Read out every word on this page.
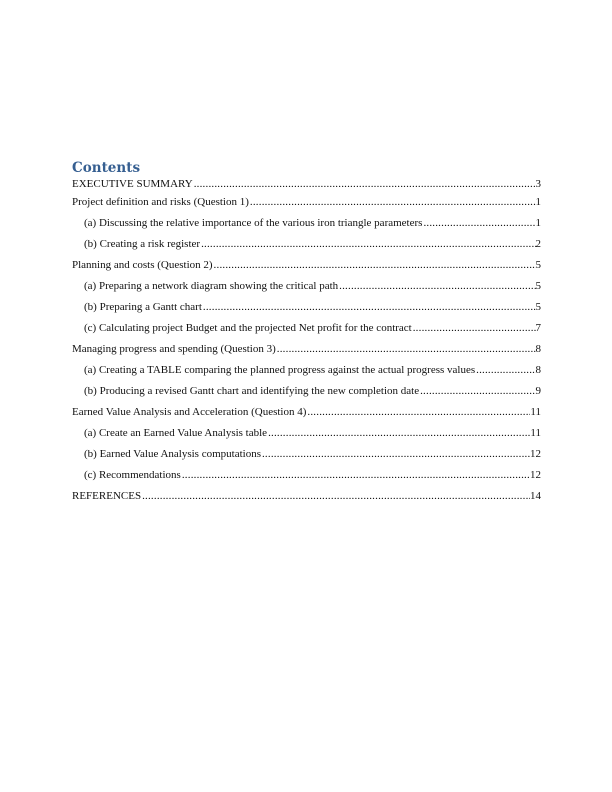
Contents
EXECUTIVE SUMMARY .....	3
Project definition and risks (Question 1) .....	1
(a) Discussing the relative importance of the various iron triangle parameters .....	1
(b) Creating a risk register .....	2
Planning and costs (Question 2) .....	5
(a) Preparing a network diagram showing the critical path .....	5
(b) Preparing a Gantt chart .....	5
(c) Calculating project Budget and the projected Net profit for the contract .....	7
Managing progress and spending (Question 3) .....	8
(a) Creating a TABLE comparing the planned progress against the actual progress values .....	8
(b) Producing a revised Gantt chart and identifying the new completion date .....	9
Earned Value Analysis and Acceleration (Question 4) .....	11
(a) Create an Earned Value Analysis table .....	11
(b) Earned Value Analysis computations .....	12
(c) Recommendations .....	12
REFERENCES .....	14
